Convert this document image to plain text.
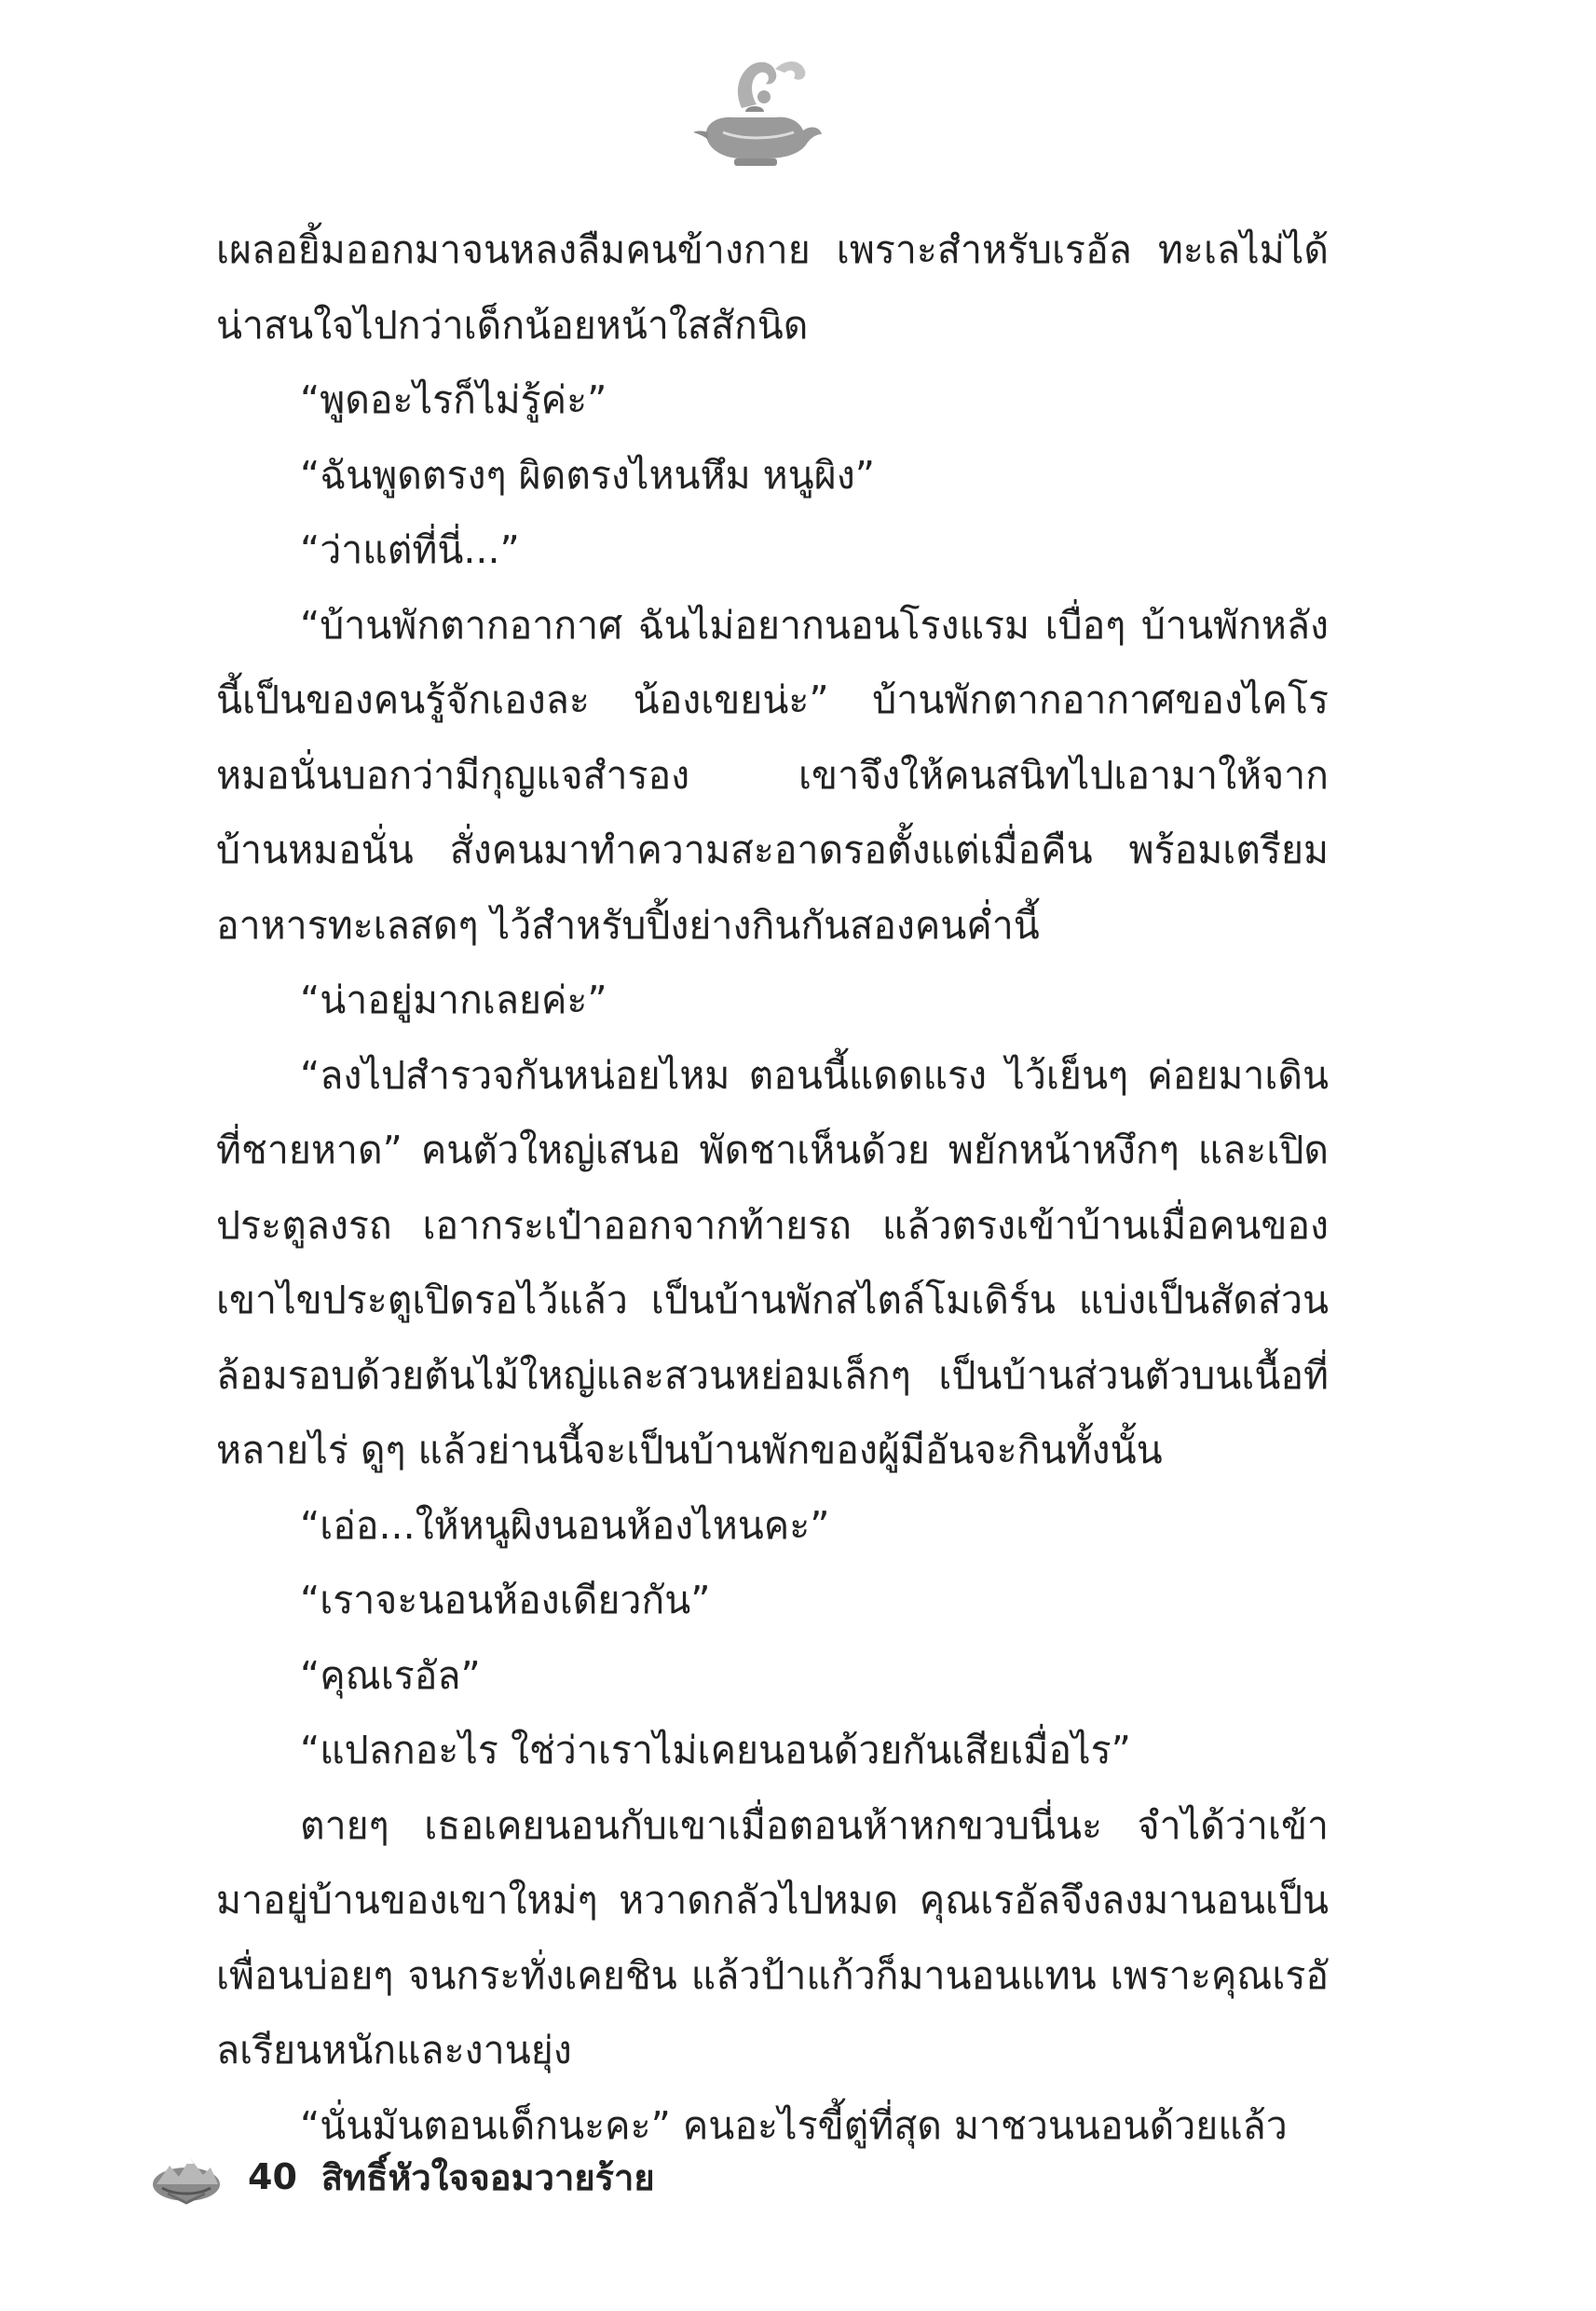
เผลอยิ้มออกมาจนหลงลืมคนข้างกาย เพราะสำหรับเรอัล ทะเลไม่ได้น่าสนใจไปกว่าเด็กน้อยหน้าใสสักนิด

“พูดอะไรก็ไม่รู้ค่ะ”

“ฉันพูดตรงๆ ผิดตรงไหนหึม หนูผิง”

“ว่าแต่ที่นี่...”

“บ้านพักตากอากาศ ฉันไม่อยากนอนโรงแรม เบื่อๆ บ้านพักหลังนี้เป็นของคนรู้จักเองละ น้องเขยน่ะ” บ้านพักตากอากาศของไคโรหมอนั่นบอกว่ามีกุญแจสำรอง เขาจึงให้คนสนิทไปเอามาให้จากบ้านหมอนั่น สั่งคนมาทำความสะอาดรอตั้งแต่เมื่อคืน พร้อมเตรียมอาหารทะเลสดๆ ไว้สำหรับปิ้งย่างกินกันสองคนค่ำนี้

“น่าอยู่มากเลยค่ะ”

“ลงไปสำรวจกันหน่อยไหม ตอนนี้แดดแรง ไว้เย็นๆ ค่อยมาเดินที่ชายหาด” คนตัวใหญ่เสนอ พัดชาเห็นด้วย พยักหน้าหงึกๆ และเปิดประตูลงรถ เอากระเป๋าออกจากท้ายรถ แล้วตรงเข้าบ้านเมื่อคนของเขาไขประตูเปิดรอไว้แล้ว เป็นบ้านพักสไตล์โมเดิร์น แบ่งเป็นสัดส่วน ล้อมรอบด้วยต้นไม้ใหญ่และสวนหย่อมเล็กๆ เป็นบ้านส่วนตัวบนเนื้อที่หลายไร่ ดูๆ แล้วย่านนี้จะเป็นบ้านพักของผู้มีอันจะกินทั้งนั้น

“เอ่อ...ให้หนูผิงนอนห้องไหนคะ”

“เราจะนอนห้องเดียวกัน”

“คุณเรอัล”

“แปลกอะไร ใช่ว่าเราไม่เคยนอนด้วยกันเสียเมื่อไร”

ตายๆ เธอเคยนอนกับเขาเมื่อตอนห้าหกขวบนี่นะ จำได้ว่าเข้ามาอยู่บ้านของเขาใหม่ๆ หวาดกลัวไปหมด คุณเรอัลจึงลงมานอนเป็นเพื่อนบ่อยๆ จนกระทั่งเคยชิน แล้วป้าแก้วก็มานอนแทน เพราะคุณเรอัลเรียนหนักและงานยุ่ง

“นั่นมันตอนเด็กนะคะ” คนอะไรขี้ตู่ที่สุด มาชวนนอนด้วยแล้ว

40 สิทธิ์หัวใจจอมวายร้าย
